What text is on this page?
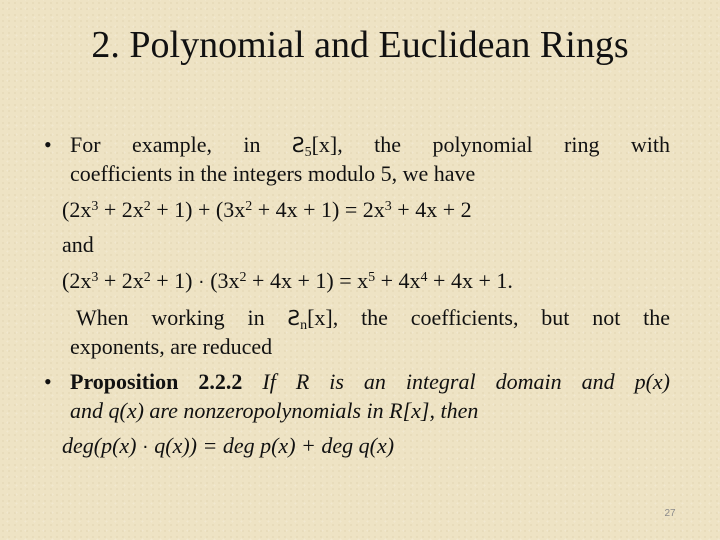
2. Polynomial and Euclidean Rings
• For example, in $Ƨ_5[x]$, the polynomial ring with
coefficients in the integers modulo 5, we have
$(2x^3 + 2x^2 + 1) + (3x^2 + 4x + 1) = 2x^3 + 4x + 2$
and
$(2x^3 + 2x^2 + 1) \cdot (3x^2 + 4x + 1) = x^5 + 4x^4 + 4x + 1$.
When working in $Ƨ_n[x]$, the coefficients, but not the
exponents, are reduced
• Proposition 2.2.2 If R is an integral domain and p(x)
and q(x) are nonzeropolynomials in R[x], then
deg(p(x) · q(x)) = deg p(x) + deg q(x)
27
